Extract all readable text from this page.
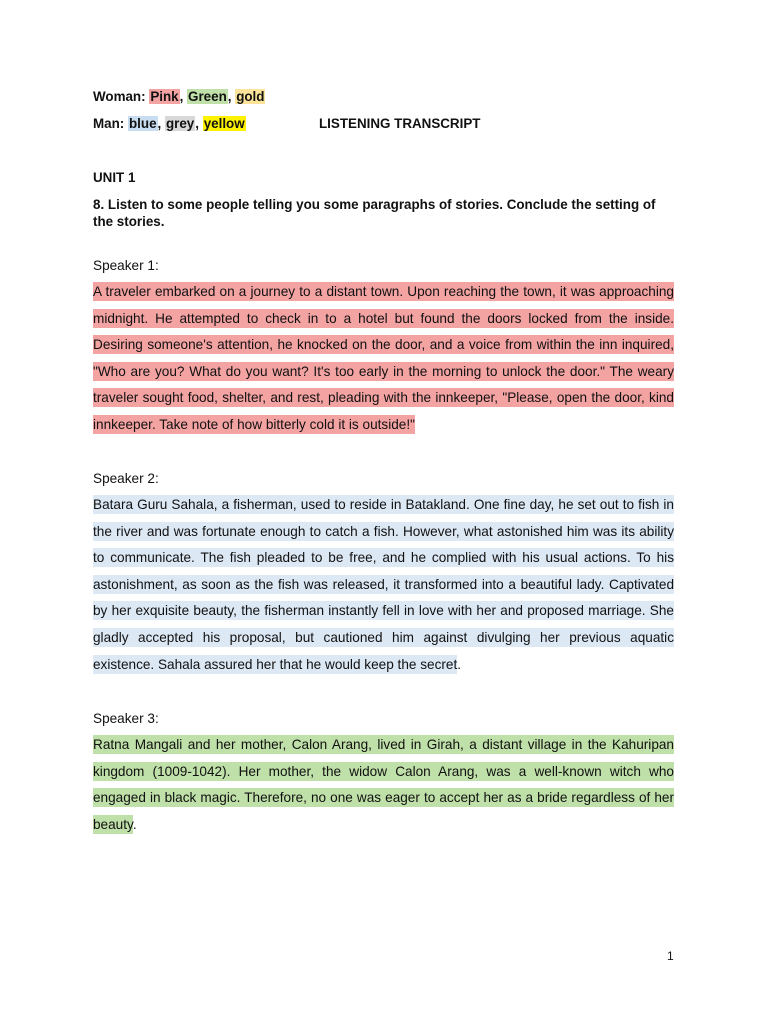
Woman: Pink, Green, gold
Man: blue, grey, yellow	LISTENING TRANSCRIPT
UNIT 1
8. Listen to some people telling you some paragraphs of stories. Conclude the setting of the stories.
Speaker 1:
A traveler embarked on a journey to a distant town. Upon reaching the town, it was approaching midnight. He attempted to check in to a hotel but found the doors locked from the inside. Desiring someone's attention, he knocked on the door, and a voice from within the inn inquired, "Who are you? What do you want? It's too early in the morning to unlock the door." The weary traveler sought food, shelter, and rest, pleading with the innkeeper, "Please, open the door, kind innkeeper. Take note of how bitterly cold it is outside!"
Speaker 2:
Batara Guru Sahala, a fisherman, used to reside in Batakland. One fine day, he set out to fish in the river and was fortunate enough to catch a fish. However, what astonished him was its ability to communicate. The fish pleaded to be free, and he complied with his usual actions. To his astonishment, as soon as the fish was released, it transformed into a beautiful lady. Captivated by her exquisite beauty, the fisherman instantly fell in love with her and proposed marriage. She gladly accepted his proposal, but cautioned him against divulging her previous aquatic existence. Sahala assured her that he would keep the secret.
Speaker 3:
Ratna Mangali and her mother, Calon Arang, lived in Girah, a distant village in the Kahuripan kingdom (1009-1042). Her mother, the widow Calon Arang, was a well-known witch who engaged in black magic. Therefore, no one was eager to accept her as a bride regardless of her beauty.
1
